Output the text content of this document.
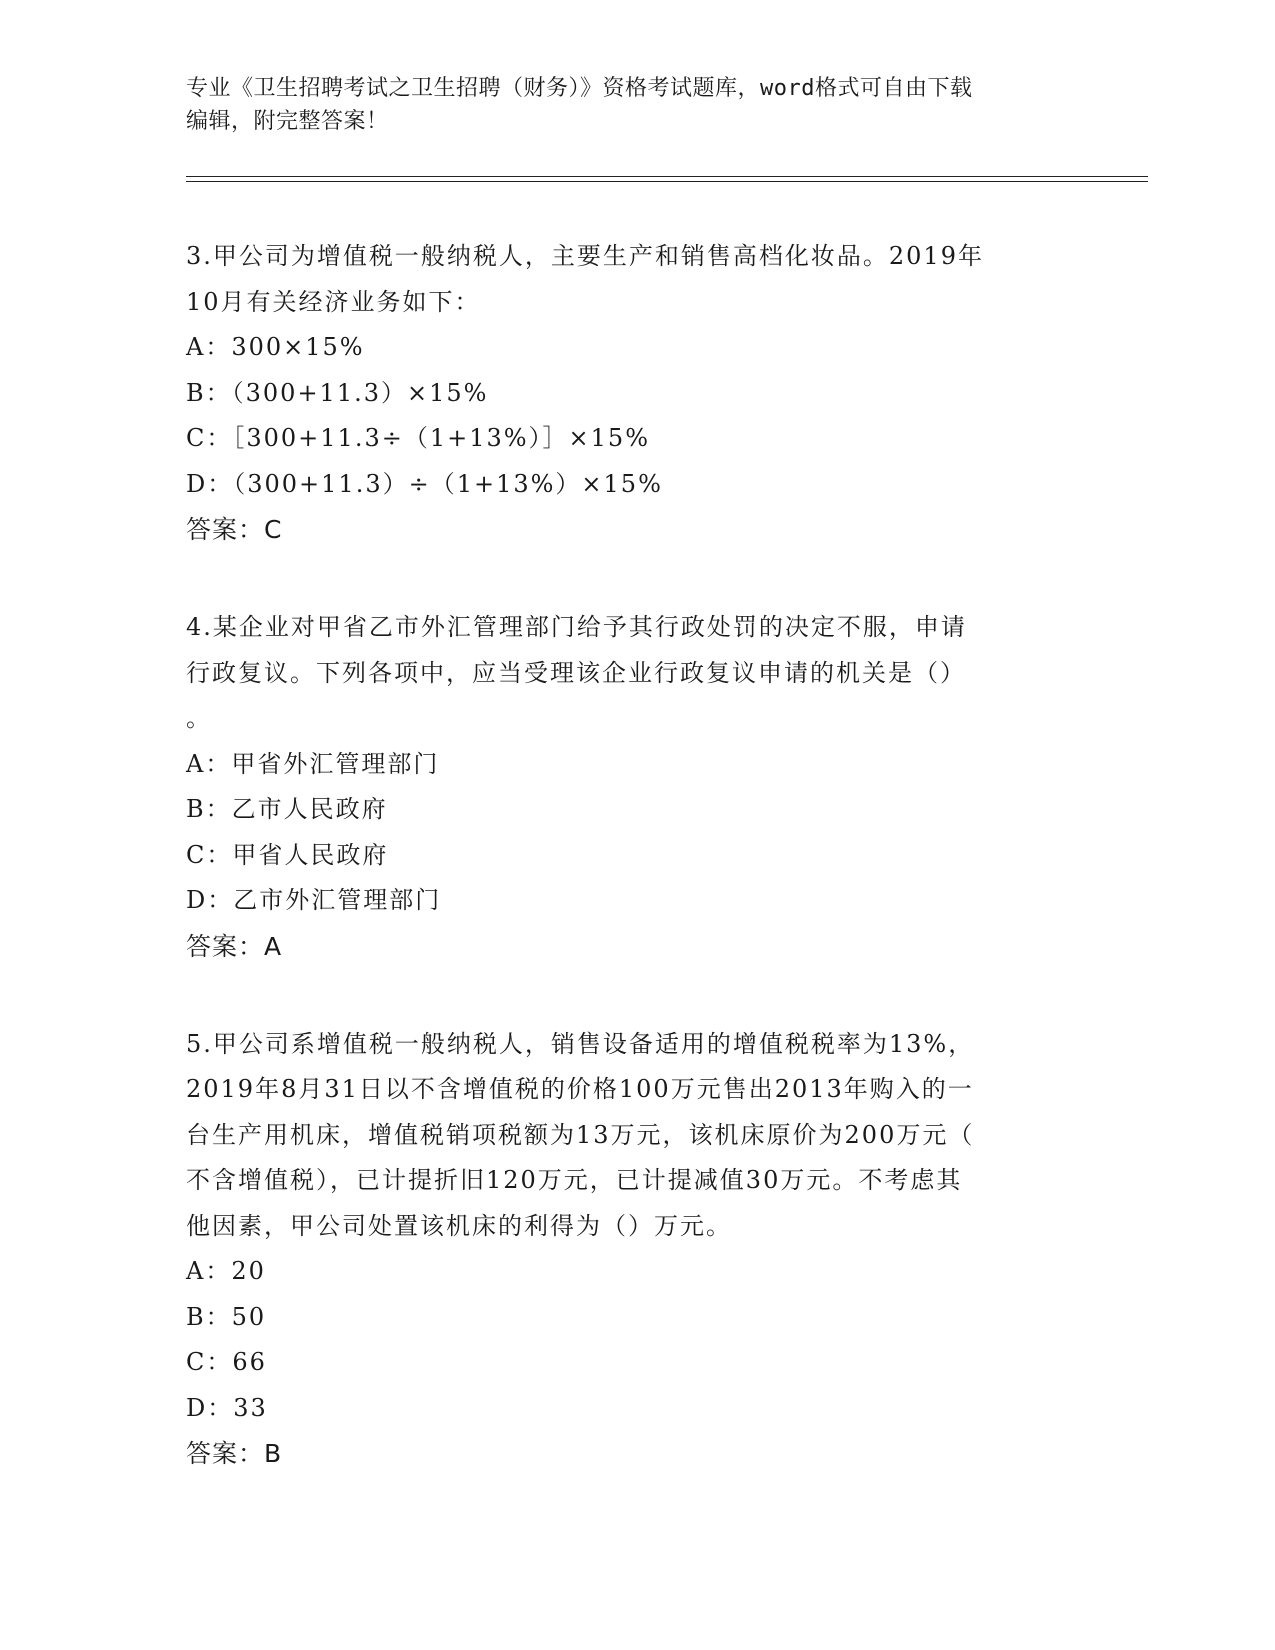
专业《卫生招聘考试之卫生招聘（财务）》资格考试题库，word格式可自由下载
编辑，附完整答案！
3.甲公司为增值税一般纳税人，主要生产和销售高档化妆品。2019年
10月有关经济业务如下：
A：300×15%
B：（300+11.3）×15%
C：［300+11.3÷（1+13%）］×15%
D：（300+11.3）÷（1+13%）×15%
答案：C
4.某企业对甲省乙市外汇管理部门给予其行政处罚的决定不服，申请
行政复议。下列各项中，应当受理该企业行政复议申请的机关是（）
。
A：甲省外汇管理部门
B：乙市人民政府
C：甲省人民政府
D：乙市外汇管理部门
答案：A
5.甲公司系增值税一般纳税人，销售设备适用的增值税税率为13%，
2019年8月31日以不含增值税的价格100万元售出2013年购入的一
台生产用机床，增值税销项税额为13万元，该机床原价为200万元（
不含增值税），已计提折旧120万元，已计提减值30万元。不考虑其
他因素，甲公司处置该机床的利得为（）万元。
A：20
B：50
C：66
D：33
答案：B
